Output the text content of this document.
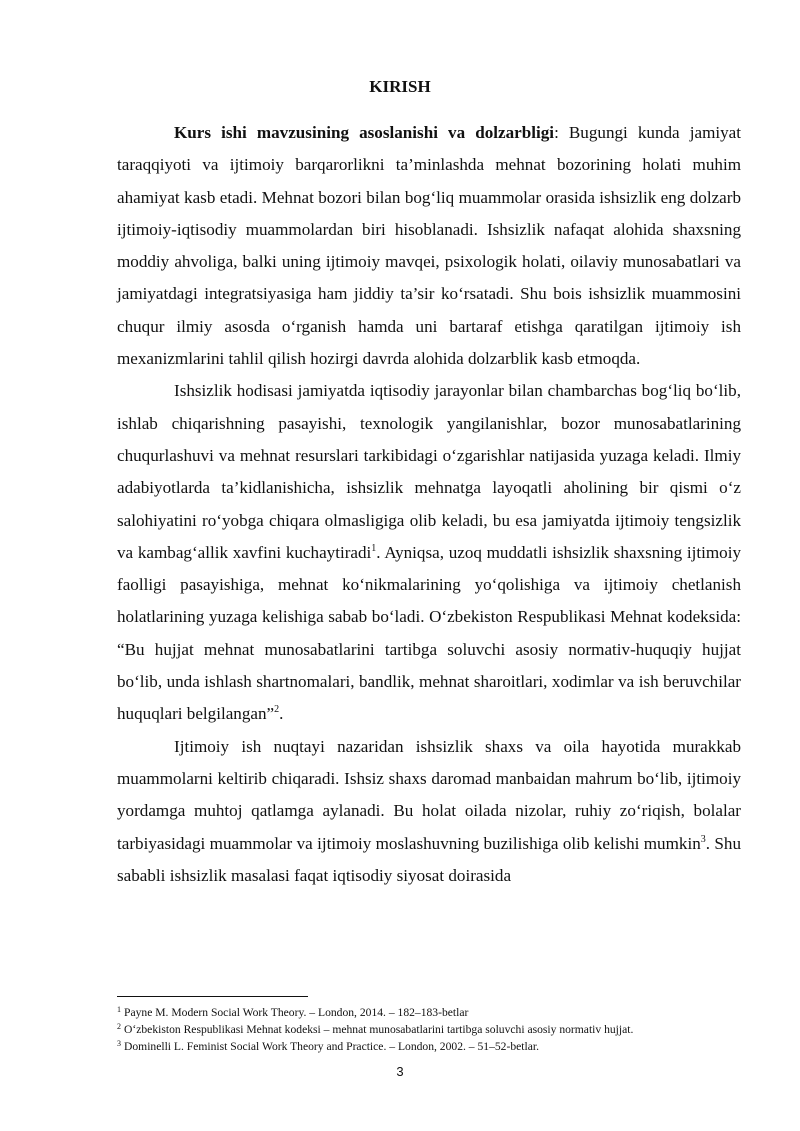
KIRISH

Kurs ishi mavzusining asoslanishi va dolzarbligi: Bugungi kunda jamiyat taraqqiyoti va ijtimoiy barqarorlikni ta’minlashda mehnat bozorining holati muhim ahamiyat kasb etadi. Mehnat bozori bilan bog‘liq muammolar orasida ishsizlik eng dolzarb ijtimoiy-iqtisodiy muammolardan biri hisoblanadi. Ishsizlik nafaqat alohida shaxsning moddiy ahvoliga, balki uning ijtimoiy mavqei, psixologik holati, oilaviy munosabatlari va jamiyatdagi integratsiyasiga ham jiddiy ta’sir ko‘rsatadi. Shu bois ishsizlik muammosini chuqur ilmiy asosda o‘rganish hamda uni bartaraf etishga qaratilgan ijtimoiy ish mexanizmlarini tahlil qilish hozirgi davrda alohida dolzarblik kasb etmoqda.

Ishsizlik hodisasi jamiyatda iqtisodiy jarayonlar bilan chambarchas bog‘liq bo‘lib, ishlab chiqarishning pasayishi, texnologik yangilanishlar, bozor munosabatlarining chuqurlashuvi va mehnat resurslari tarkibidagi o‘zgarishlar natijasida yuzaga keladi. Ilmiy adabiyotlarda ta’kidlanishicha, ishsizlik mehnatga layoqatli aholining bir qismi o‘z salohiyatini ro‘yobga chiqara olmasligiga olib keladi, bu esa jamiyatda ijtimoiy tengsizlik va kambag‘allik xavfini kuchaytiradi$^1$. Ayniqsa, uzoq muddatli ishsizlik shaxsning ijtimoiy faolligi pasayishiga, mehnat ko‘nikmalarining yo‘qolishiga va ijtimoiy chetlanish holatlarining yuzaga kelishiga sabab bo‘ladi. O‘zbekiston Respublikasi Mehnat kodeksida: “Bu hujjat mehnat munosabatlarini tartibga soluvchi asosiy normativ-huquqiy hujjat bo‘lib, unda ishlash shartnomalari, bandlik, mehnat sharoitlari, xodimlar va ish beruvchilar huquqlari belgilangan”$^2$.

Ijtimoiy ish nuqtayi nazaridan ishsizlik shaxs va oila hayotida murakkab muammolarni keltirib chiqaradi. Ishsiz shaxs daromad manbaidan mahrum bo‘lib, ijtimoiy yordamga muhtoj qatlamga aylanadi. Bu holat oilada nizolar, ruhiy zo‘riqish, bolalar tarbiyasidagi muammolar va ijtimoiy moslashuvning buzilishiga olib kelishi mumkin$^3$. Shu sababli ishsizlik masalasi faqat iqtisodiy siyosat doirasida

$^1$ Payne M. Modern Social Work Theory. – London, 2014. – 182–183-betlar
$^2$ O‘zbekiston Respublikasi Mehnat kodeksi – mehnat munosabatlarini tartibga soluvchi asosiy normativ hujjat.
$^3$ Dominelli L. Feminist Social Work Theory and Practice. – London, 2002. – 51–52-betlar.
3
